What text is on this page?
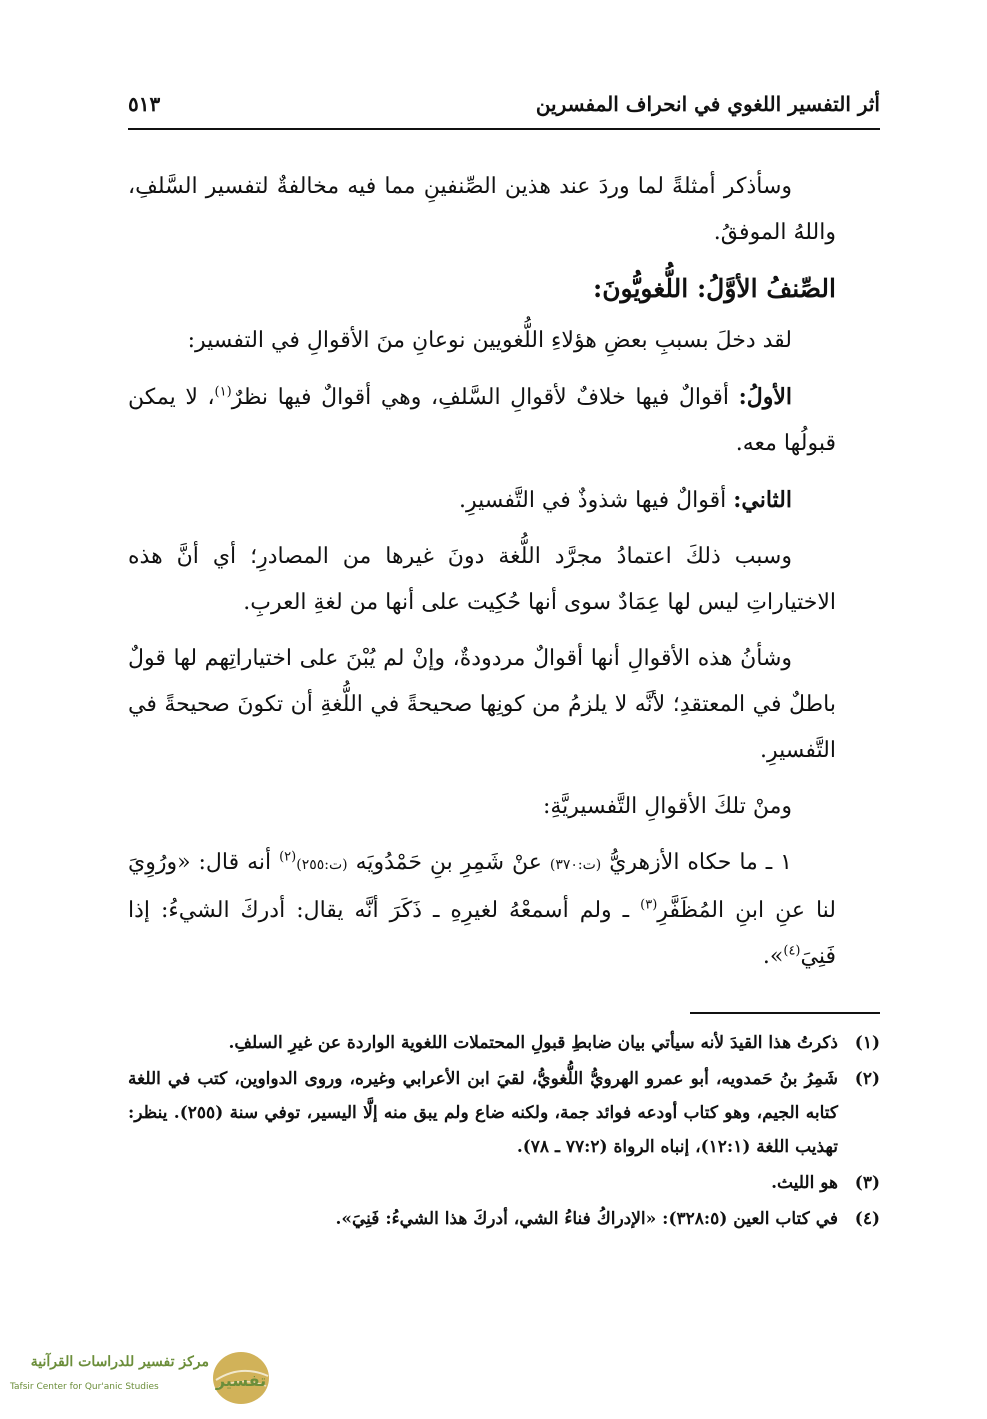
أثر التفسير اللغوي في انحراف المفسرين
٥١٣

وسأذكر أمثلةً لما وردَ عند هذين الصِّنفينِ مما فيه مخالفةٌ لتفسير السَّلفِ، واللهُ الموفقُ.

الصِّنفُ الأوَّلُ: اللُّغويُّونَ:

لقد دخلَ بسببِ بعضِ هؤلاءِ اللُّغويين نوعانِ منَ الأقوالِ في التفسير:

الأولُ: أقوالٌ فيها خلافٌ لأقوالِ السَّلفِ، وهي أقوالٌ فيها نظرٌ$^{(١)}$، لا يمكن قبولُها معه.

الثاني: أقوالٌ فيها شذوذٌ في التَّفسيرِ.

وسبب ذلكَ اعتمادُ مجرَّد اللُّغة دونَ غيرها من المصادرِ؛ أي أنَّ هذه الاختياراتِ ليس لها عِمَادٌ سوى أنها حُكِيت على أنها من لغةِ العربِ.

وشأنُ هذه الأقوالِ أنها أقوالٌ مردودةٌ، وإنْ لم يُبْنَ على اختياراتِهم لها قولٌ باطلٌ في المعتقدِ؛ لأنَّه لا يلزمُ من كونِها صحيحةً في اللُّغةِ أن تكونَ صحيحةً في التَّفسيرِ.

ومنْ تلكَ الأقوالِ التَّفسيريَّةِ:

١ ـ ما حكاه الأزهريُّ (ت:٣٧٠) عنْ شَمِرِ بنِ حَمْدُويَه (ت:٢٥٥)$^{(٢)}$ أنه قال: «ورُوِيَ لنا عنِ ابنِ المُظَفَّرِ$^{(٣)}$ ـ ولم أسمعْهُ لغيرِهِ ـ ذَكَرَ أنَّه يقال: أدركَ الشيءُ: إذا فَنِيَ$^{(٤)}$».

(١)
ذكرتُ هذا القيدَ لأنه سيأتي بيان ضابطِ قبولِ المحتملات اللغوية الواردة عن غيرِ السلفِ.
(٢)
شَمِرُ بنُ حَمدويه، أبو عمرو الهرويُّ اللُّغويُّ، لقيَ ابن الأعرابي وغيره، وروى الدواوين، كتب في اللغة كتابه الجيم، وهو كتاب أودعه فوائد جمة، ولكنه ضاع ولم يبق منه إلَّا اليسير، توفي سنة (٢٥٥). ينظر: تهذيب اللغة (١٢:١)، إنباه الرواة (٧٧:٢ ـ ٧٨).
(٣)
هو الليث.
(٤)
في كتاب العين (٣٢٨:٥): «الإدراكُ فناءُ الشي، أدركَ هذا الشيءُ: فَنِيَ».
مركز تفسير للدراسات القرآنية
Tafsir Center for Qur'anic Studies	تفسير
